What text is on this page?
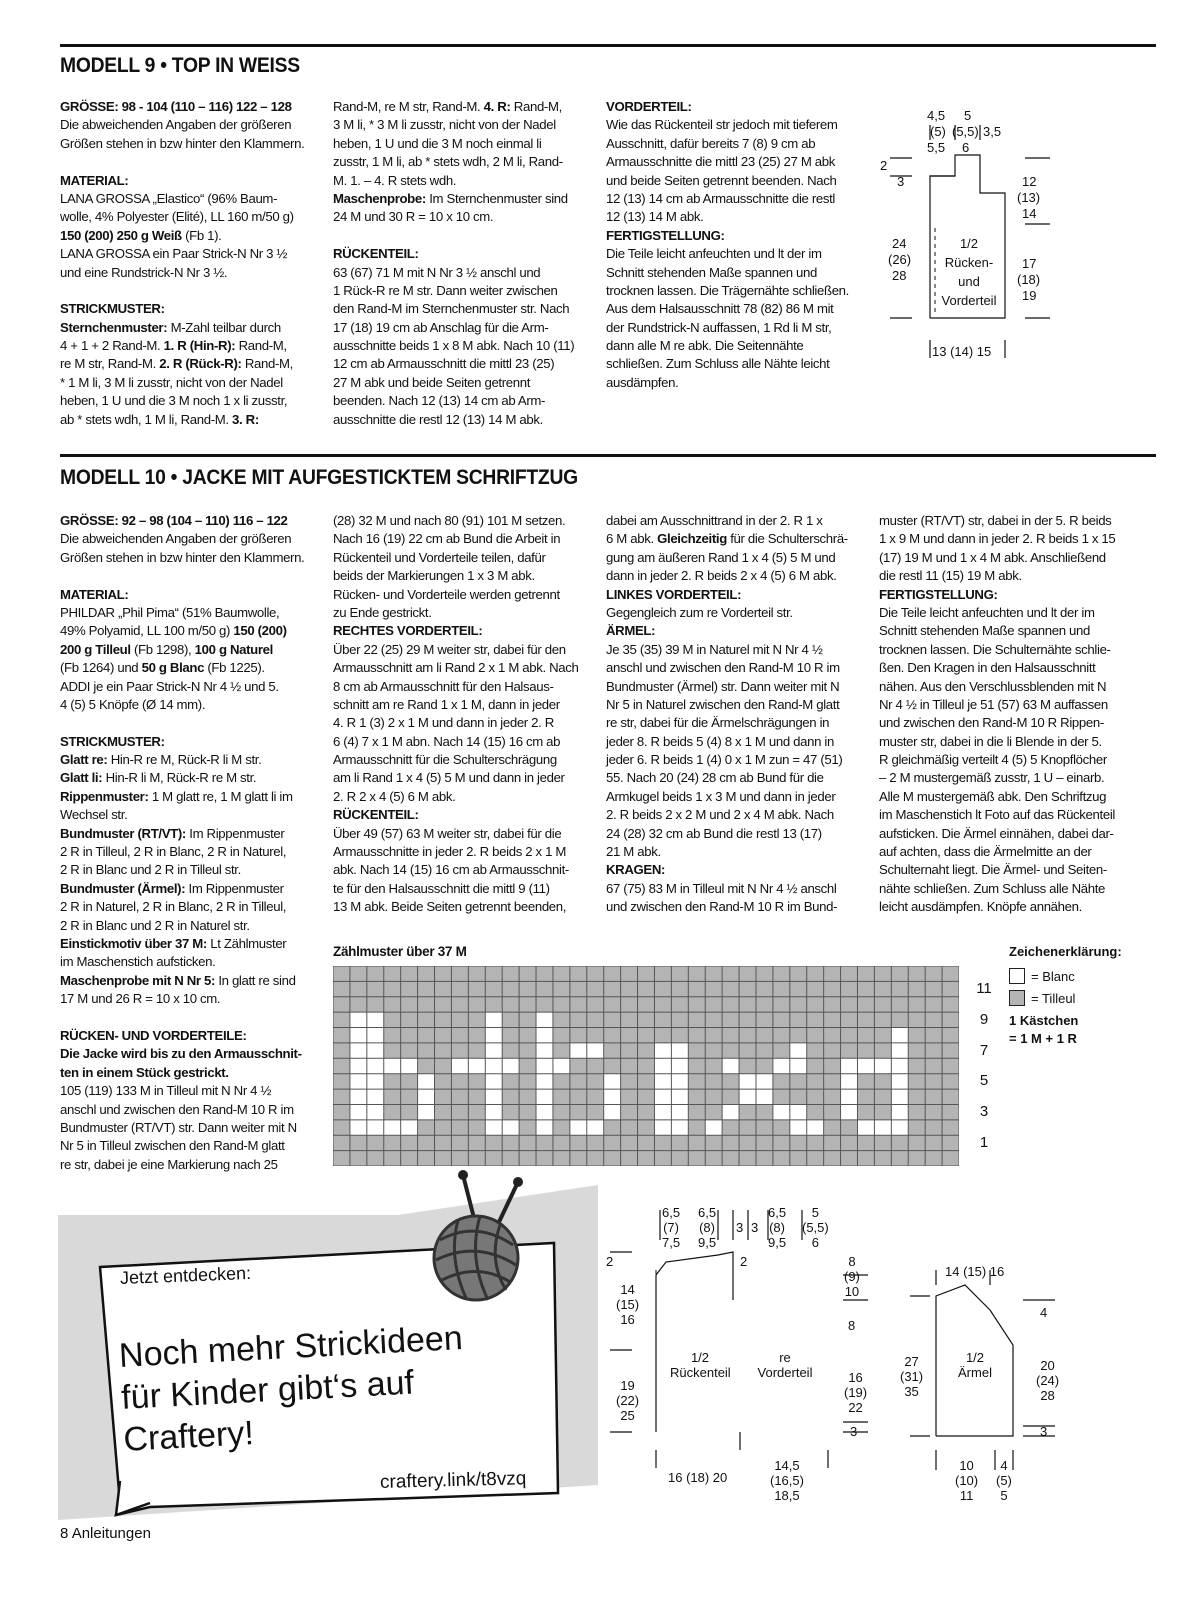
MODELL 9 • TOP IN WEISS
GRÖSSE: 98 - 104 (110 – 116) 122 – 128
Die abweichenden Angaben der größeren
Größen stehen in bzw hinter den Klammern.
MATERIAL:
LANA GROSSA „Elastico“ (96% Baum-
wolle, 4% Polyester (Elité), LL 160 m/50 g)
150 (200) 250 g Weiß (Fb 1).
LANA GROSSA ein Paar Strick-N Nr 3 ½
und eine Rundstrick-N Nr 3 ½.
STRICKMUSTER:
Sternchenmuster: M-Zahl teilbar durch
4 + 1 + 2 Rand-M. 1. R (Hin-R): Rand-M,
re M str, Rand-M. 2. R (Rück-R): Rand-M,
* 1 M li, 3 M li zusstr, nicht von der Nadel
heben, 1 U und die 3 M noch 1 x li zusstr,
ab * stets wdh, 1 M li, Rand-M. 3. R:
Rand-M, re M str, Rand-M. 4. R: Rand-M,
3 M li, * 3 M li zusstr, nicht von der Nadel
heben, 1 U und die 3 M noch einmal li
zusstr, 1 M li, ab * stets wdh, 2 M li, Rand-
M. 1. – 4. R stets wdh.
Maschenprobe: Im Sternchenmuster sind
24 M und 30 R = 10 x 10 cm.
RÜCKENTEIL:
63 (67) 71 M mit N Nr 3 ½ anschl und
1 Rück-R re M str. Dann weiter zwischen
den Rand-M im Sternchenmuster str. Nach
17 (18) 19 cm ab Anschlag für die Arm-
ausschnitte beids 1 x 8 M abk. Nach 10 (11)
12 cm ab Armausschnitt die mittl 23 (25)
27 M abk und beide Seiten getrennt
beenden. Nach 12 (13) 14 cm ab Arm-
ausschnitte die restl 12 (13) 14 M abk.
VORDERTEIL:
Wie das Rückenteil str jedoch mit tieferem
Ausschnitt, dafür bereits 7 (8) 9 cm ab
Armausschnitte die mittl 23 (25) 27 M abk
und beide Seiten getrennt beenden. Nach
12 (13) 14 cm ab Armausschnitte die restl
12 (13) 14 M abk.
FERTIGSTELLUNG:
Die Teile leicht anfeuchten und lt der im
Schnitt stehenden Maße spannen und
trocknen lassen. Die Trägernähte schließen.
Aus dem Halsausschnitt 78 (82) 86 M mit
der Rundstrick-N auffassen, 1 Rd li M str,
dann alle M re abk. Die Seitennähte
schließen. Zum Schluss alle Nähte leicht
ausdämpfen.
4,5
(5)
5,5
5
(5,5)
6
3,5
2
3
24
(26)
28
12
(13)
14
17
(18)
19
1/2
Rücken-
und
Vorderteil
13 (14) 15
MODELL 10 • JACKE MIT AUFGESTICKTEM SCHRIFTZUG
GRÖSSE: 92 – 98 (104 – 110) 116 – 122
Die abweichenden Angaben der größeren
Größen stehen in bzw hinter den Klammern.
MATERIAL:
PHILDAR „Phil Pima“ (51% Baumwolle,
49% Polyamid, LL 100 m/50 g) 150 (200)
200 g Tilleul (Fb 1298), 100 g Naturel
(Fb 1264) und 50 g Blanc (Fb 1225).
ADDI je ein Paar Strick-N Nr 4 ½ und 5.
4 (5) 5 Knöpfe (Ø 14 mm).
STRICKMUSTER:
Glatt re: Hin-R re M, Rück-R li M str.
Glatt li: Hin-R li M, Rück-R re M str.
Rippenmuster: 1 M glatt re, 1 M glatt li im
Wechsel str.
Bundmuster (RT/VT): Im Rippenmuster
2 R in Tilleul, 2 R in Blanc, 2 R in Naturel,
2 R in Blanc und 2 R in Tilleul str.
Bundmuster (Ärmel): Im Rippenmuster
2 R in Naturel, 2 R in Blanc, 2 R in Tilleul,
2 R in Blanc und 2 R in Naturel str.
Einstickmotiv über 37 M: Lt Zählmuster
im Maschenstich aufsticken.
Maschenprobe mit N Nr 5: In glatt re sind
17 M und 26 R = 10 x 10 cm.
RÜCKEN- UND VORDERTEILE:
Die Jacke wird bis zu den Armausschnit-
ten in einem Stück gestrickt.
105 (119) 133 M in Tilleul mit N Nr 4 ½
anschl und zwischen den Rand-M 10 R im
Bundmuster (RT/VT) str. Dann weiter mit N
Nr 5 in Tilleul zwischen den Rand-M glatt
re str, dabei je eine Markierung nach 25
(28) 32 M und nach 80 (91) 101 M setzen.
Nach 16 (19) 22 cm ab Bund die Arbeit in
Rückenteil und Vorderteile teilen, dafür
beids der Markierungen 1 x 3 M abk.
Rücken- und Vorderteile werden getrennt
zu Ende gestrickt.
RECHTES VORDERTEIL:
Über 22 (25) 29 M weiter str, dabei für den
Armausschnitt am li Rand 2 x 1 M abk. Nach
8 cm ab Armausschnitt für den Halsaus-
schnitt am re Rand 1 x 1 M, dann in jeder
4. R 1 (3) 2 x 1 M und dann in jeder 2. R
6 (4) 7 x 1 M abn. Nach 14 (15) 16 cm ab
Armausschnitt für die Schulterschrägung
am li Rand 1 x 4 (5) 5 M und dann in jeder
2. R 2 x 4 (5) 6 M abk.
RÜCKENTEIL:
Über 49 (57) 63 M weiter str, dabei für die
Armausschnitte in jeder 2. R beids 2 x 1 M
abk. Nach 14 (15) 16 cm ab Armausschnit-
te für den Halsausschnitt die mittl 9 (11)
13 M abk. Beide Seiten getrennt beenden,
dabei am Ausschnittrand in der 2. R 1 x
6 M abk. Gleichzeitig für die Schulterschrä-
gung am äußeren Rand 1 x 4 (5) 5 M und
dann in jeder 2. R beids 2 x 4 (5) 6 M abk.
LINKES VORDERTEIL:
Gegengleich zum re Vorderteil str.
ÄRMEL:
Je 35 (35) 39 M in Naturel mit N Nr 4 ½
anschl und zwischen den Rand-M 10 R im
Bundmuster (Ärmel) str. Dann weiter mit N
Nr 5 in Naturel zwischen den Rand-M glatt
re str, dabei für die Ärmelschrägungen in
jeder 8. R beids 5 (4) 8 x 1 M und dann in
jeder 6. R beids 1 (4) 0 x 1 M zun = 47 (51)
55. Nach 20 (24) 28 cm ab Bund für die
Armkugel beids 1 x 3 M und dann in jeder
2. R beids 2 x 2 M und 2 x 4 M abk. Nach
24 (28) 32 cm ab Bund die restl 13 (17)
21 M abk.
KRAGEN:
67 (75) 83 M in Tilleul mit N Nr 4 ½ anschl
und zwischen den Rand-M 10 R im Bund-
muster (RT/VT) str, dabei in der 5. R beids
1 x 9 M und dann in jeder 2. R beids 1 x 15
(17) 19 M und 1 x 4 M abk. Anschließend
die restl 11 (15) 19 M abk.
FERTIGSTELLUNG:
Die Teile leicht anfeuchten und lt der im
Schnitt stehenden Maße spannen und
trocknen lassen. Die Schulternähte schlie-
ßen. Den Kragen in den Halsausschnitt
nähen. Aus den Verschlussblenden mit N
Nr 4 ½ in Tilleul je 51 (57) 63 M auffassen
und zwischen den Rand-M 10 R Rippen-
muster str, dabei in die li Blende in der 5.
R gleichmäßig verteilt 4 (5) 5 Knopflöcher
– 2 M mustergemäß zusstr, 1 U – einarb.
Alle M mustergemäß abk. Den Schriftzug
im Maschenstich lt Foto auf das Rückenteil
aufsticken. Die Ärmel einnähen, dabei dar-
auf achten, dass die Ärmelmitte an der
Schulternaht liegt. Die Ärmel- und Seiten-
nähte schließen. Zum Schluss alle Nähte
leicht ausdämpfen. Knöpfe annähen.
Zählmuster über 37 M
11
9
7
5
3
1
Zeichenerklärung:
= Blanc
= Tilleul
1 Kästchen
= 1 M + 1 R
Jetzt entdecken:
Noch mehr Strickideen
für Kinder gibt‘s auf
Craftery!
craftery.link/t8vzq
6,5
(7)
7,5
6,5
(8)
9,5
3 3
6,5
(8)
9,5
5
(5,5)
6
2	2
14
(15)
16
19
(22)
25
8
(9)
10
8
16
(19)
22
3
1/2
Rückenteil
re
Vorderteil
16 (18) 20
14,5
(16,5)
18,5
14 (15) 16
4
27
(31)
35
20
(24)
28
3
1/2
Ärmel
10
(10)
11
4
(5)
5
8 Anleitungen
